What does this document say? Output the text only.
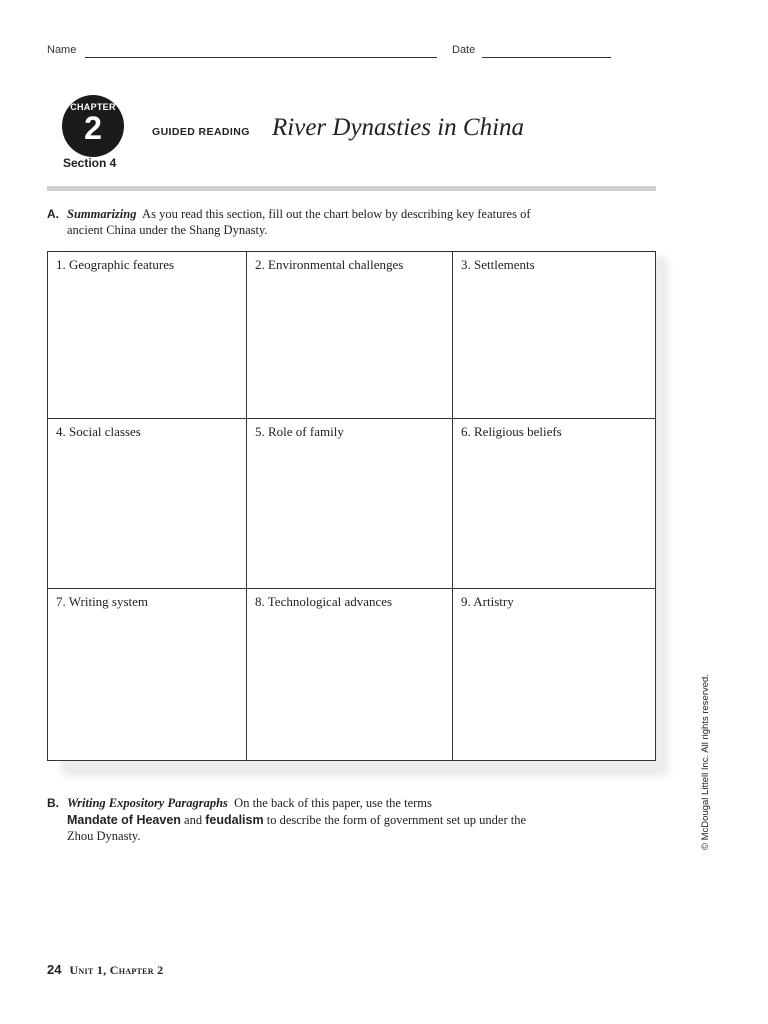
Name	Date
CHAPTER
2
Section 4
GUIDED READING River Dynasties in China
A. Summarizing As you read this section, fill out the chart below by describing key features of ancient China under the Shang Dynasty.
1. Geographic features	2. Environmental challenges	3. Settlements
4. Social classes	5. Role of family	6. Religious beliefs
7. Writing system	8. Technological advances	9. Artistry
B. Writing Expository Paragraphs On the back of this paper, use the terms
Mandate of Heaven and feudalism to describe the form of government set up under the Zhou Dynasty.	© McDougal Littell Inc. All rights reserved.
24 Unit 1, Chapter 2
